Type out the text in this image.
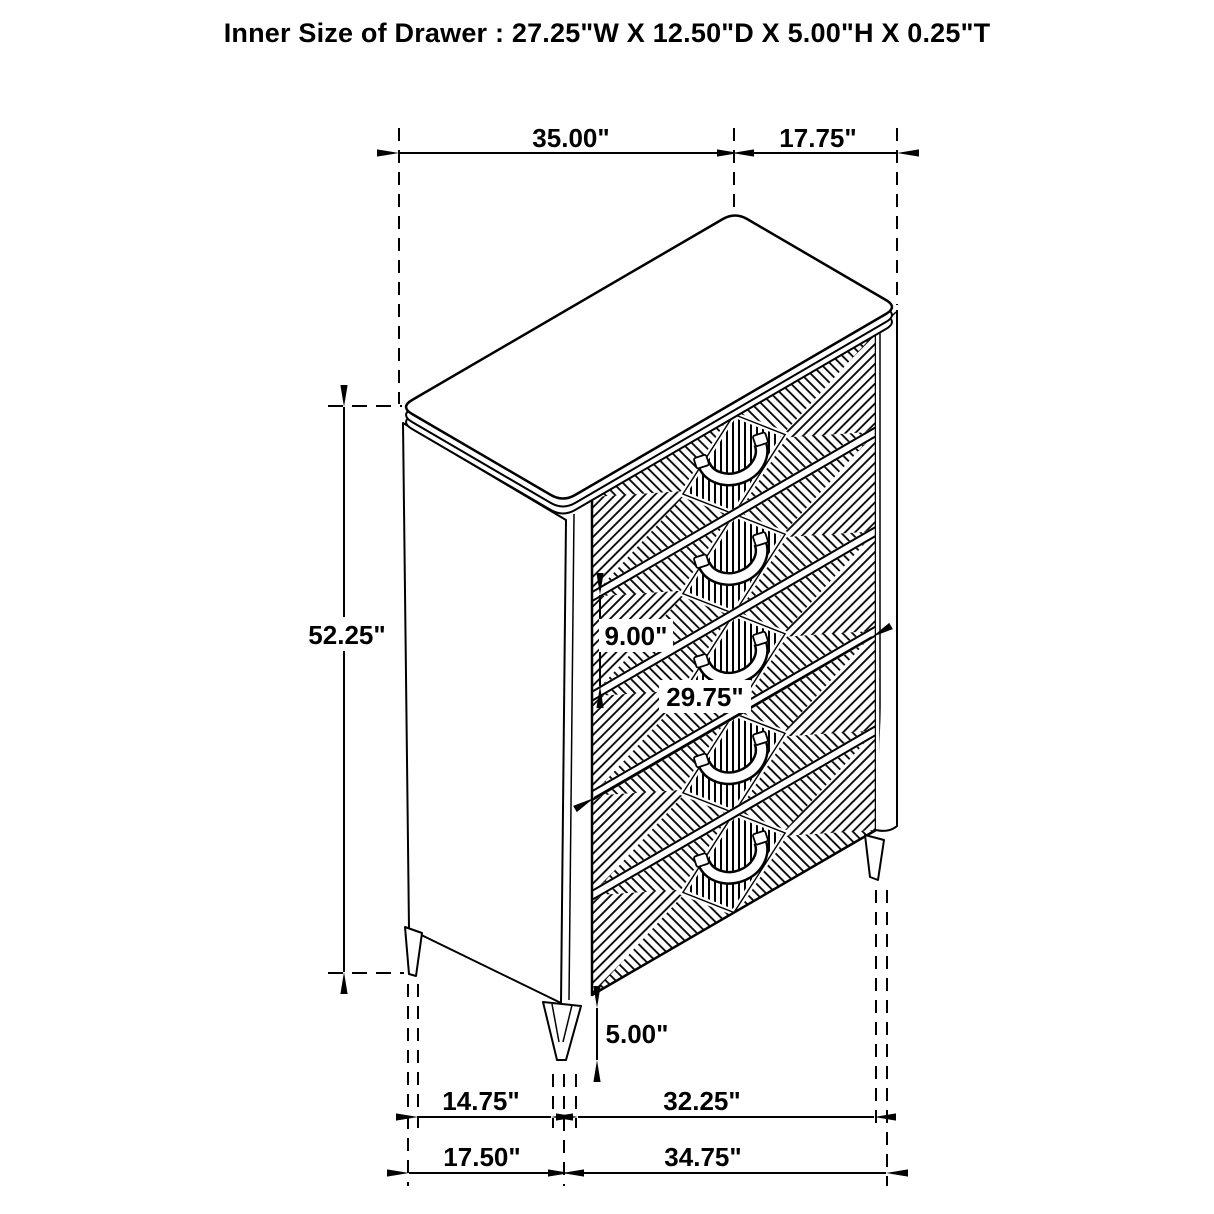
Inner Size of Drawer : 27.25"W X 12.50"D X 5.00"H X 0.25"T
35.00"	17.75"
52.25"	9.00"
29.75"
5.00"
14.75"	32.25"
17.50"	34.75"
